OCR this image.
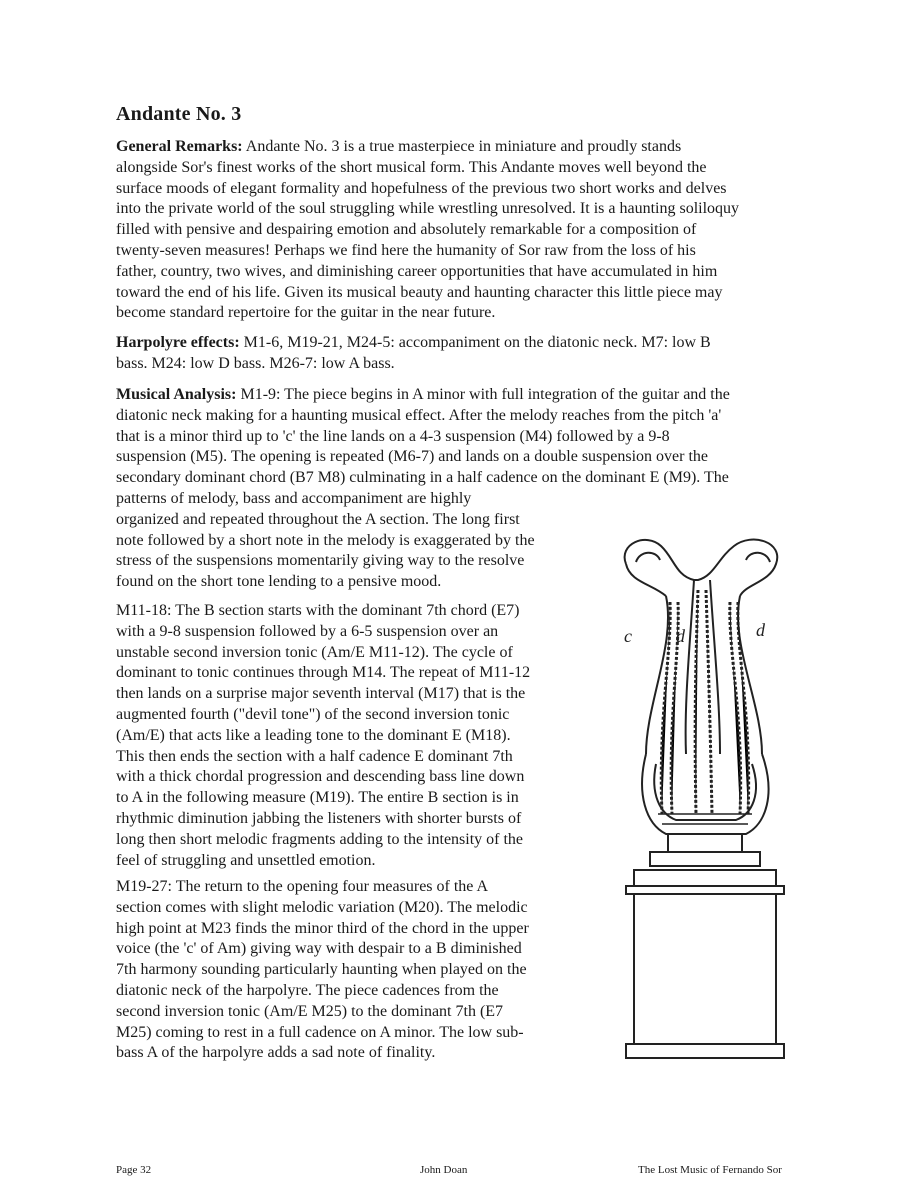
Andante No. 3

General Remarks: Andante No. 3 is a true masterpiece in miniature and proudly stands
alongside Sor's finest works of the short musical form. This Andante moves well beyond the
surface moods of elegant formality and hopefulness of the previous two short works and delves
into the private world of the soul struggling while wrestling unresolved. It is a haunting soliloquy
filled with pensive and despairing emotion and absolutely remarkable for a composition of
twenty-seven measures! Perhaps we find here the humanity of Sor raw from the loss of his
father, country, two wives, and diminishing career opportunities that have accumulated in him
toward the end of his life. Given its musical beauty and haunting character this little piece may
become standard repertoire for the guitar in the near future.

Harpolyre effects: M1-6, M19-21, M24-5: accompaniment on the diatonic neck. M7: low B
bass. M24: low D bass. M26-7: low A bass.

Musical Analysis: M1-9: The piece begins in A minor with full integration of the guitar and the
diatonic neck making for a haunting musical effect. After the melody reaches from the pitch 'a'
that is a minor third up to 'c' the line lands on a 4-3 suspension (M4) followed by a 9-8
suspension (M5). The opening is repeated (M6-7) and lands on a double suspension over the
secondary dominant chord (B7 M8) culminating in a half cadence on the dominant E (M9). The
patterns of melody, bass and accompaniment are highly
organized and repeated throughout the A section. The long first
note followed by a short note in the melody is exaggerated by the
stress of the suspensions momentarily giving way to the resolve
found on the short tone lending to a pensive mood.

M11-18: The B section starts with the dominant 7th chord (E7)
with a 9-8 suspension followed by a 6-5 suspension over an
unstable second inversion tonic (Am/E M11-12). The cycle of
dominant to tonic continues through M14. The repeat of M11-12
then lands on a surprise major seventh interval (M17) that is the
augmented fourth ("devil tone") of the second inversion tonic
(Am/E) that acts like a leading tone to the dominant E (M18).
This then ends the section with a half cadence E dominant 7th
with a thick chordal progression and descending bass line down
to A in the following measure (M19). The entire B section is in
rhythmic diminution jabbing the listeners with shorter bursts of
long then short melodic fragments adding to the intensity of the
feel of struggling and unsettled emotion.

M19-27: The return to the opening four measures of the A
section comes with slight melodic variation (M20). The melodic
high point at M23 finds the minor third of the chord in the upper
voice (the 'c' of Am) giving way with despair to a B diminished
7th harmony sounding particularly haunting when played on the
diatonic neck of the harpolyre. The piece cadences from the
second inversion tonic (Am/E M25) to the dominant 7th (E7
M25) coming to rest in a full cadence on A minor. The low sub-
bass A of the harpolyre adds a sad note of finality.

c d	d

Page 32	John Doan	The Lost Music of Fernando Sor
